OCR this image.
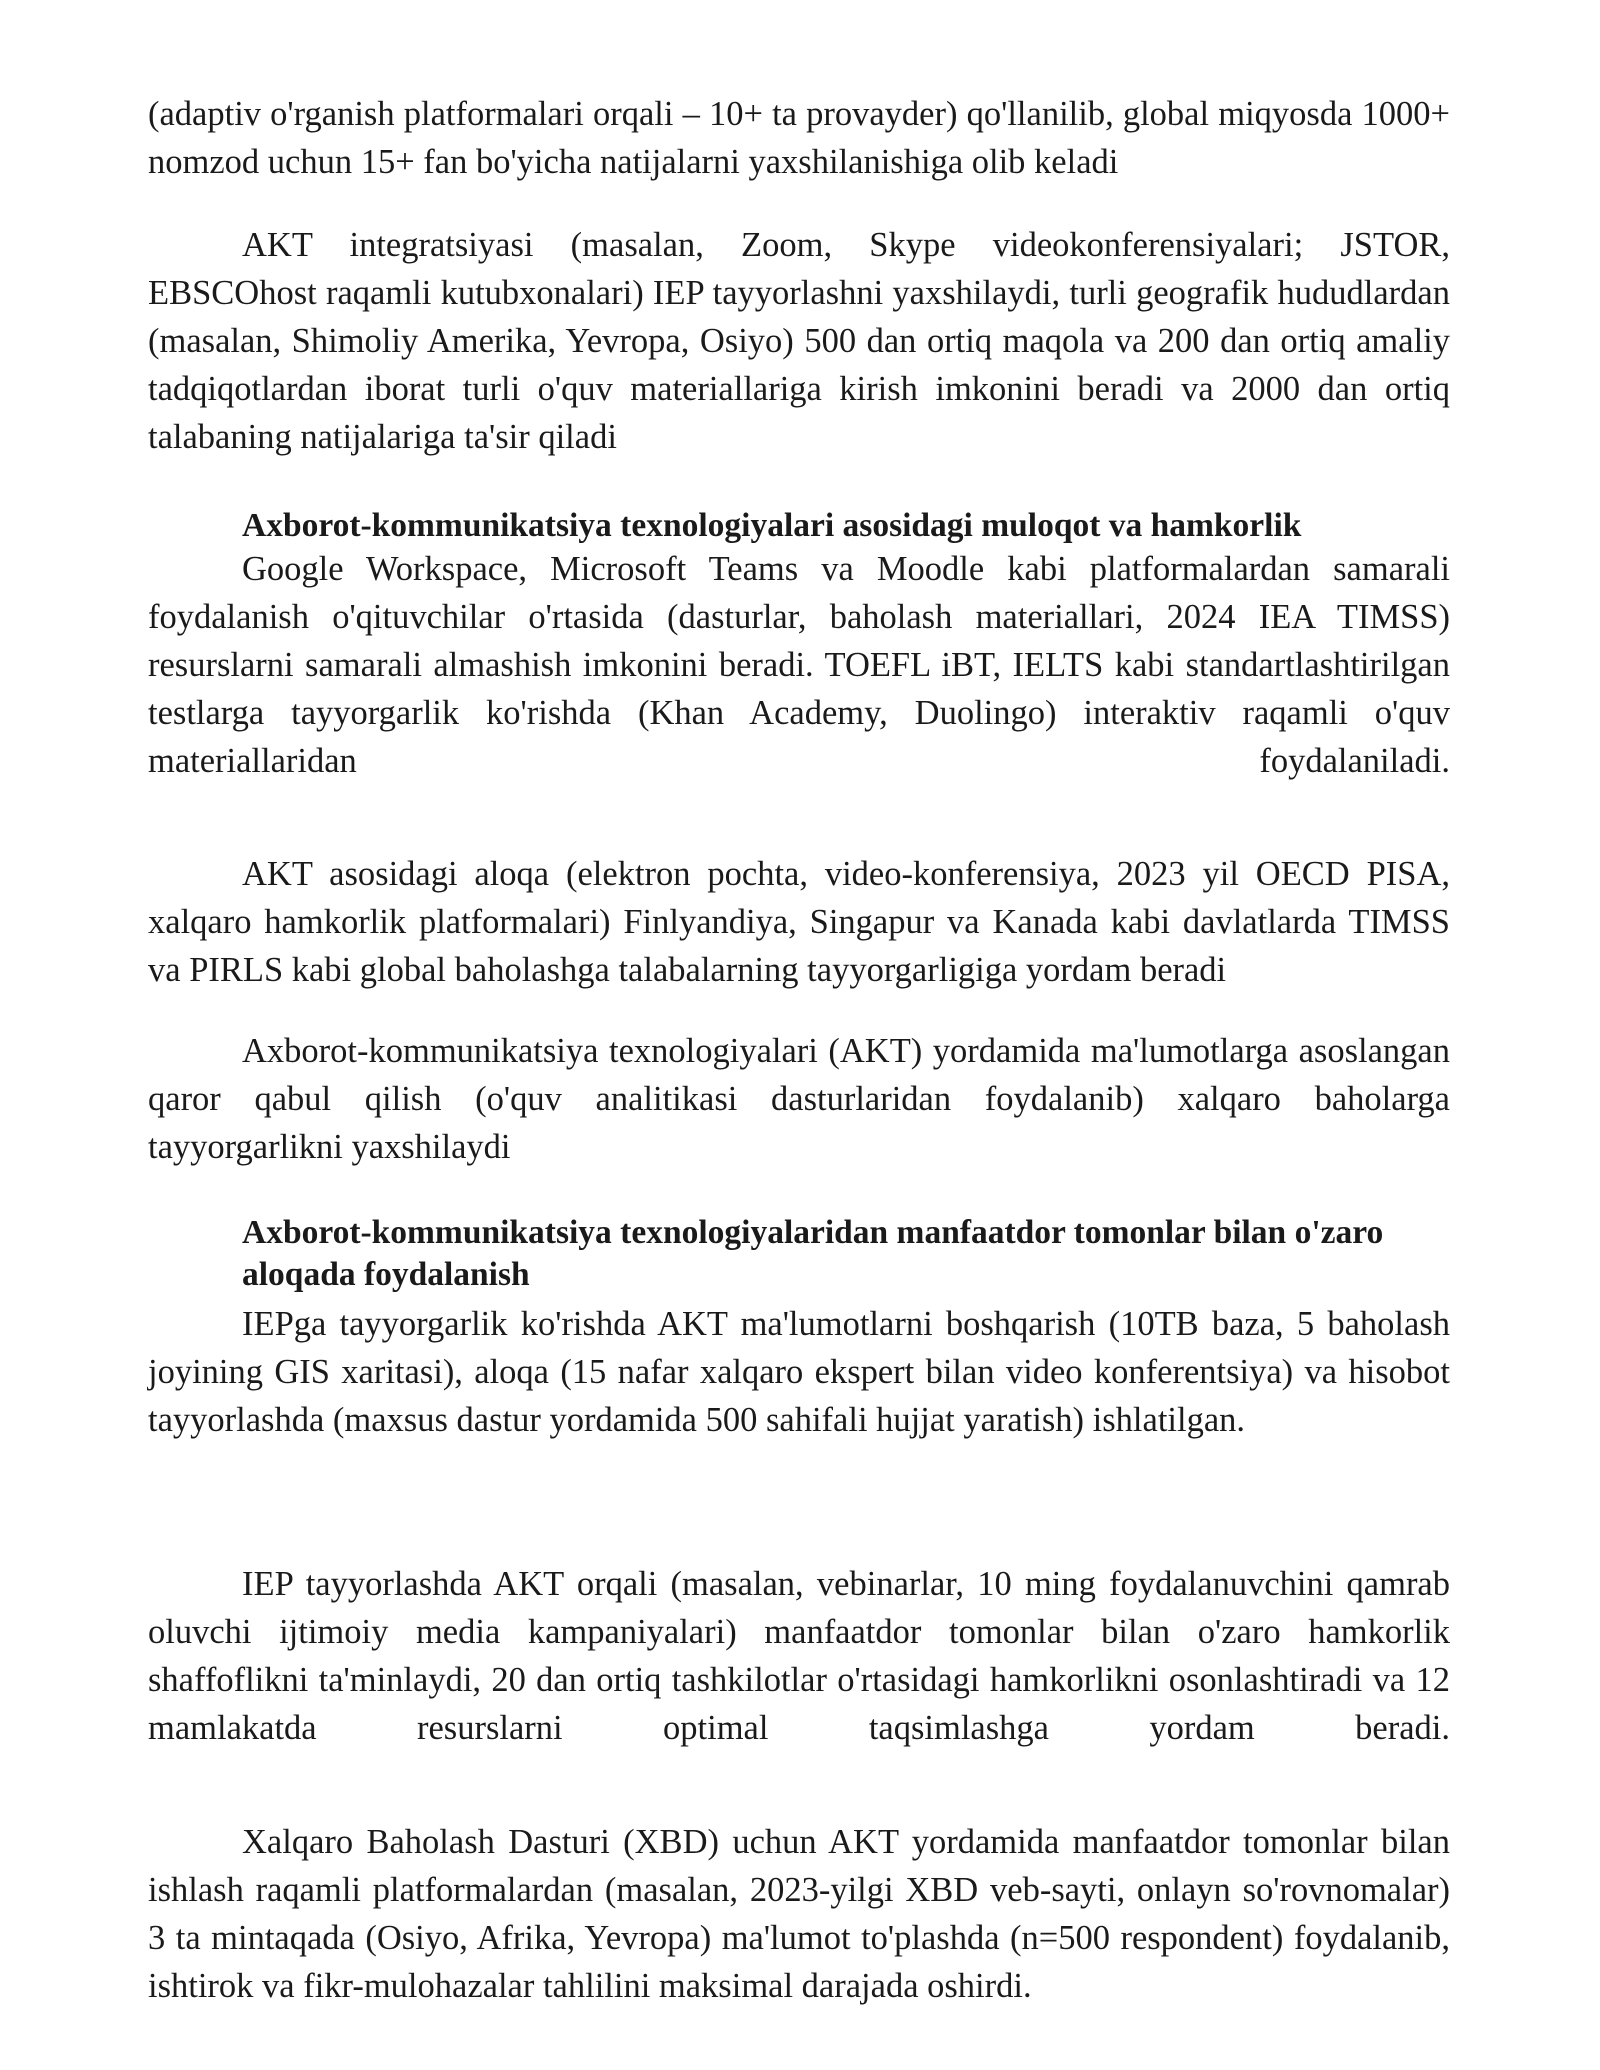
(adaptiv o'rganish platformalari orqali – 10+ ta provayder) qo'llanilib, global miqyosda 1000+ nomzod uchun 15+ fan bo'yicha natijalarni yaxshilanishiga olib keladi

AKT integratsiyasi (masalan, Zoom, Skype videokonferensiyalari; JSTOR, EBSCOhost raqamli kutubxonalari) IEP tayyorlashni yaxshilaydi, turli geografik hududlardan (masalan, Shimoliy Amerika, Yevropa, Osiyo) 500 dan ortiq maqola va 200 dan ortiq amaliy tadqiqotlardan iborat turli o'quv materiallariga kirish imkonini beradi va 2000 dan ortiq talabaning natijalariga ta'sir qiladi

Axborot-kommunikatsiya texnologiyalari asosidagi muloqot va hamkorlik

Google Workspace, Microsoft Teams va Moodle kabi platformalardan samarali foydalanish o'qituvchilar o'rtasida (dasturlar, baholash materiallari, 2024 IEA TIMSS) resurslarni samarali almashish imkonini beradi. TOEFL iBT, IELTS kabi standartlashtirilgan testlarga tayyorgarlik ko'rishda (Khan Academy, Duolingo) interaktiv raqamli o'quv materiallaridan foydalaniladi.

AKT asosidagi aloqa (elektron pochta, video-konferensiya, 2023 yil OECD PISA, xalqaro hamkorlik platformalari) Finlyandiya, Singapur va Kanada kabi davlatlarda TIMSS va PIRLS kabi global baholashga talabalarning tayyorgarligiga yordam beradi

Axborot-kommunikatsiya texnologiyalari (AKT) yordamida ma'lumotlarga asoslangan qaror qabul qilish (o'quv analitikasi dasturlaridan foydalanib) xalqaro baholarga tayyorgarlikni yaxshilaydi

Axborot-kommunikatsiya texnologiyalaridan manfaatdor tomonlar bilan o'zaro aloqada foydalanish

IEPga tayyorgarlik ko'rishda AKT ma'lumotlarni boshqarish (10TB baza, 5 baholash joyining GIS xaritasi), aloqa (15 nafar xalqaro ekspert bilan video konferentsiya) va hisobot tayyorlashda (maxsus dastur yordamida 500 sahifali hujjat yaratish) ishlatilgan.

IEP tayyorlashda AKT orqali (masalan, vebinarlar, 10 ming foydalanuvchini qamrab oluvchi ijtimoiy media kampaniyalari) manfaatdor tomonlar bilan o'zaro hamkorlik shaffoflikni ta'minlaydi, 20 dan ortiq tashkilotlar o'rtasidagi hamkorlikni osonlashtiradi va 12 mamlakatda resurslarni optimal taqsimlashga yordam beradi.

Xalqaro Baholash Dasturi (XBD) uchun AKT yordamida manfaatdor tomonlar bilan ishlash raqamli platformalardan (masalan, 2023-yilgi XBD veb-sayti, onlayn so'rovnomalar) 3 ta mintaqada (Osiyo, Afrika, Yevropa) ma'lumot to'plashda (n=500 respondent) foydalanib, ishtirok va fikr-mulohazalar tahlilini maksimal darajada oshirdi.
